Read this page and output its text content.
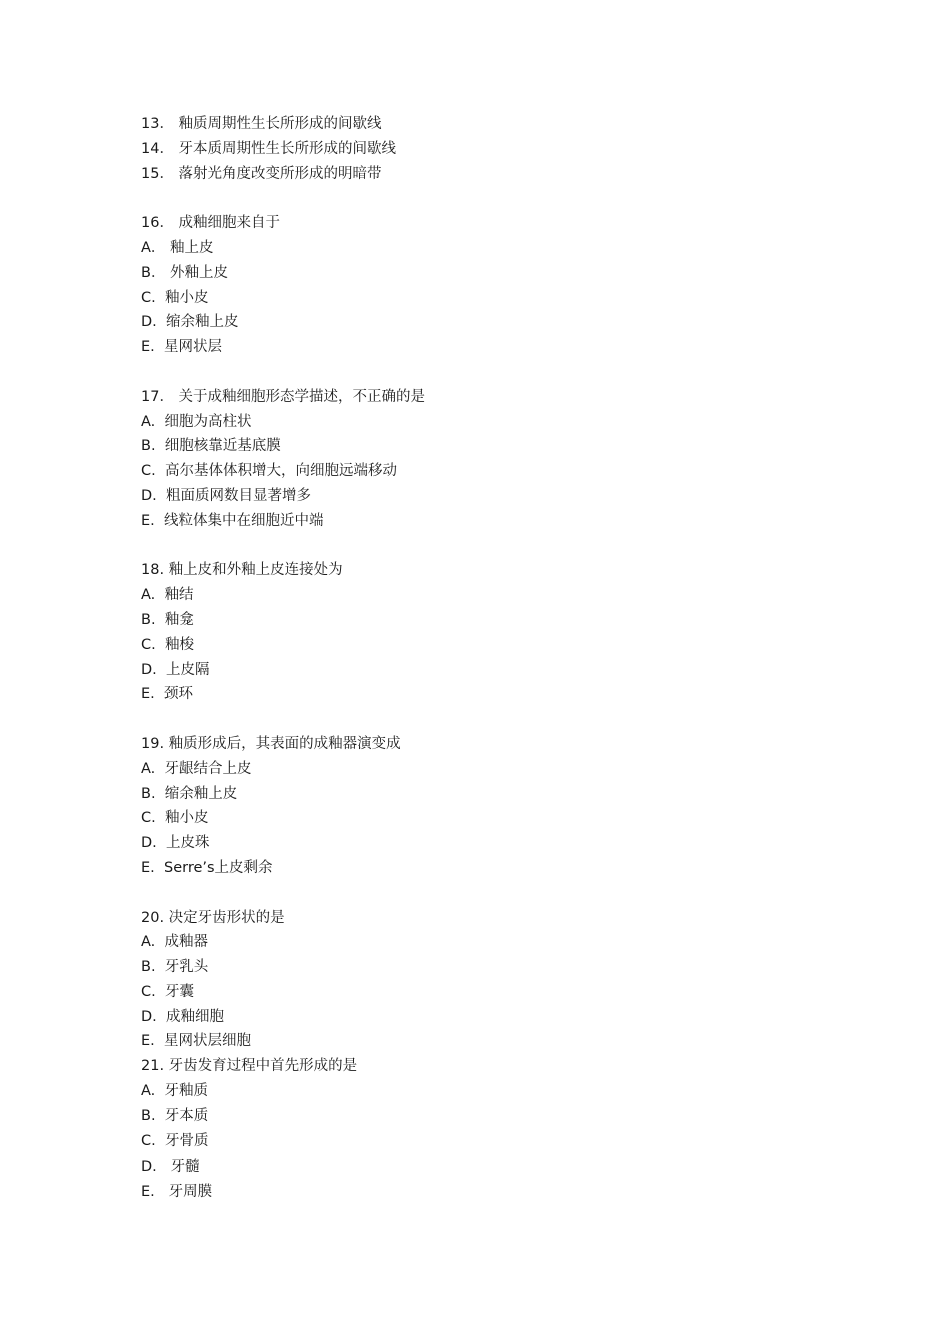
13． 釉质周期性生长所形成的间歇线
14． 牙本质周期性生长所形成的间歇线
15． 落射光角度改变所形成的明暗带
16． 成釉细胞来自于
A． 釉上皮
B． 外釉上皮
C.  釉小皮
D.  缩余釉上皮
E.  星网状层
17． 关于成釉细胞形态学描述，不正确的是
A.  细胞为高柱状
B.  细胞核靠近基底膜
C.  高尔基体体积增大，向细胞远端移动
D.  粗面质网数目显著增多
E.  线粒体集中在细胞近中端
18. 釉上皮和外釉上皮连接处为
A.  釉结
B.  釉龛
C.  釉梭
D.  上皮隔
E.  颈环
19. 釉质形成后，其表面的成釉器演变成
A.  牙龈结合上皮
B.  缩余釉上皮
C.  釉小皮
D.  上皮珠
E.  Serre’s上皮剩余
20. 决定牙齿形状的是
A.  成釉器
B.  牙乳头
C.  牙囊
D.  成釉细胞
E.  星网状层细胞
21. 牙齿发育过程中首先形成的是
A.  牙釉质
B.  牙本质
C.  牙骨质
D.   牙髓
E.   牙周膜
